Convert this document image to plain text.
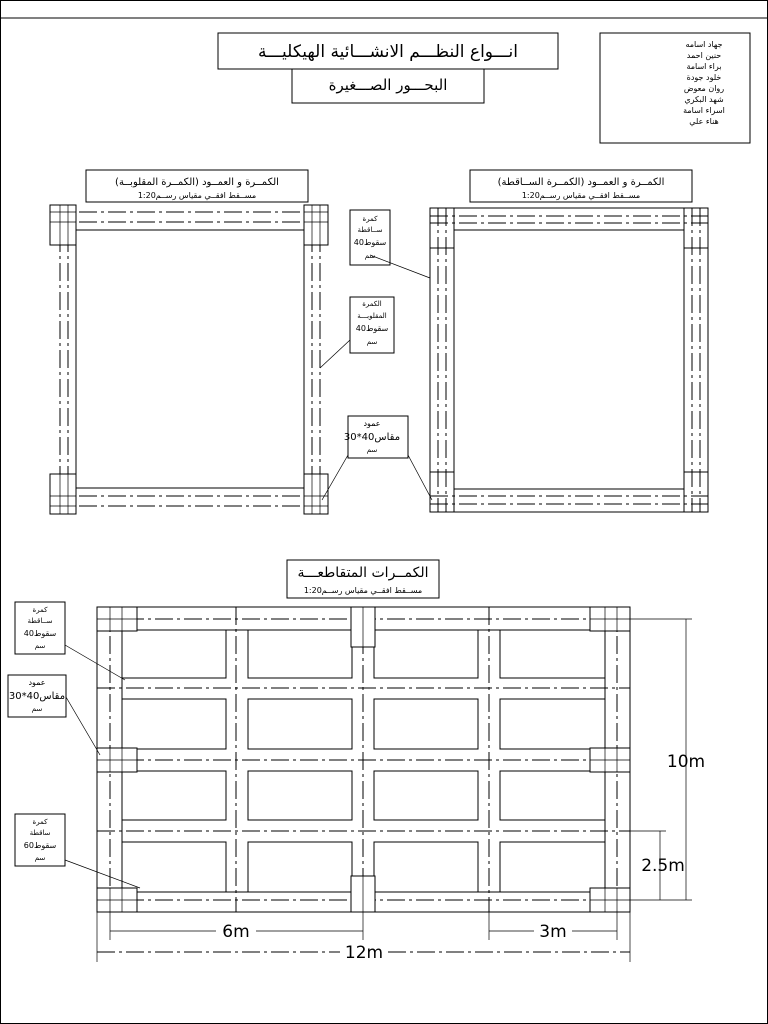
انـــواع النظـــم الانشـــائية الهيكليـــة
البحـــور الصـــغيرة
جهاد اسامه
حنين احمد
براء اسامة
خلود جودة
روان معوض
شهد البكري
اسراء اسامة
هناء علي
الكمــرة و العمــود (الكمــرة المقلوبــة)
مســقط افقــي مقياس رســم1:20
الكمــرة و العمــود (الكمــرة الســاقطة)
مســقط افقــي مقياس رســم1:20
كمرة
ســاقطة
سقوط40
سم
الكمرة
المقلوبـــة
سقوط40
سم
عمود
مقاس40*30
سم
الكمــرات المتقاطعـــة
مســقط افقــي مقياس رســم1:20
كمرة
ســاقطة
سقوط40
سم
عمود
مقاس40*30
سم
كمرة
ساقطة
سقوط60
سم
10m
2.5m
6m	3m
12m
